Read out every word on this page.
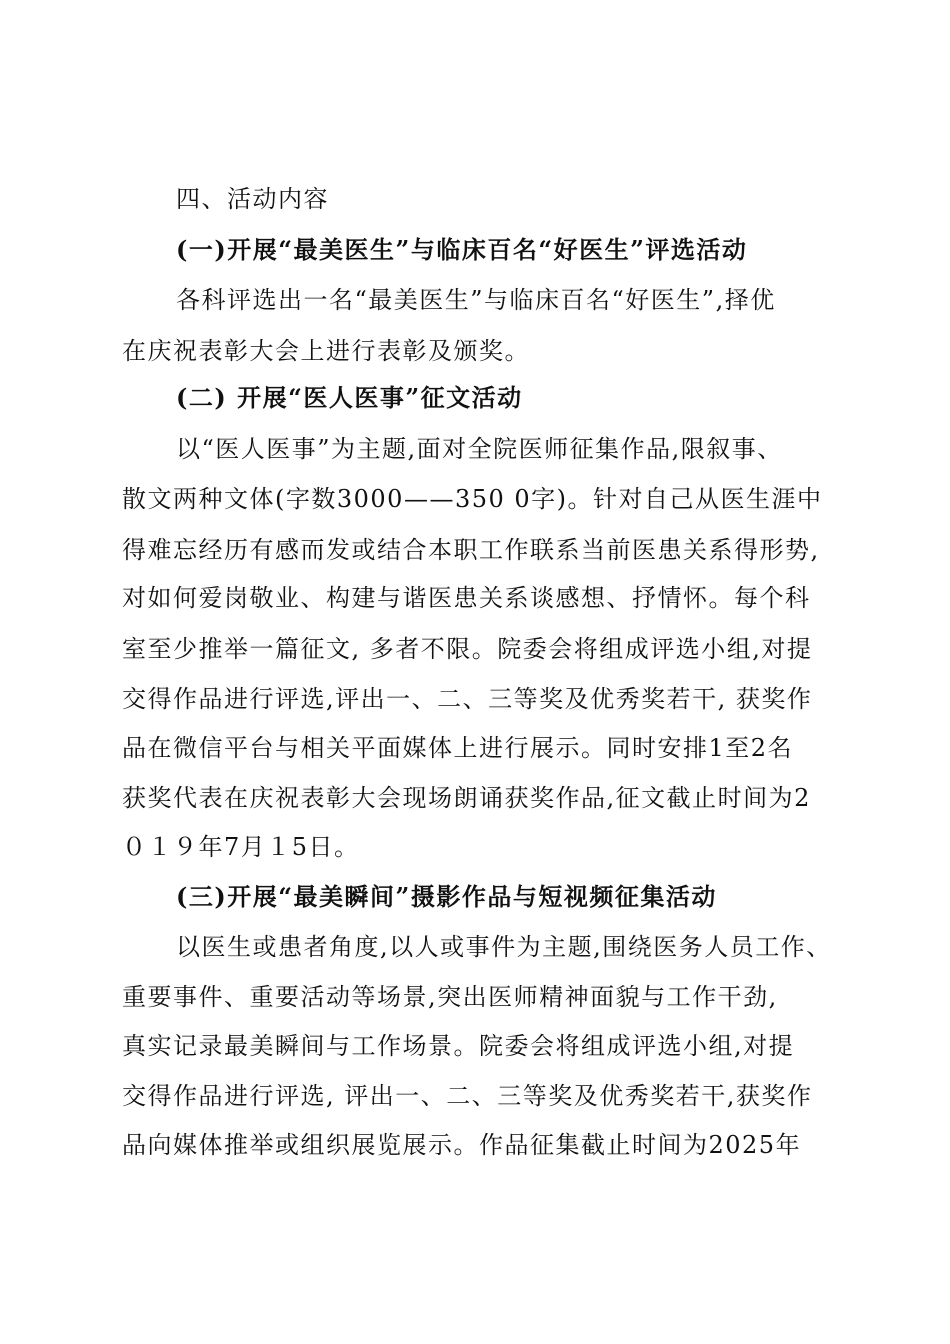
四、活动内容
(一)开展“最美医生”与临床百名“好医生”评选活动
各科评选出一名“最美医生”与临床百名“好医生”,择优
在庆祝表彰大会上进行表彰及颁奖。
(二) 开展“医人医事”征文活动
以“医人医事”为主题,面对全院医师征集作品,限叙事、
散文两种文体(字数3000——350 0字)。针对自己从医生涯中
得难忘经历有感而发或结合本职工作联系当前医患关系得形势,
对如何爱岗敬业、构建与谐医患关系谈感想、抒情怀。每个科
室至少推举一篇征文, 多者不限。院委会将组成评选小组,对提
交得作品进行评选,评出一、二、三等奖及优秀奖若干, 获奖作
品在微信平台与相关平面媒体上进行展示。同时安排1至2名
获奖代表在庆祝表彰大会现场朗诵获奖作品,征文截止时间为2
０１９年7月１5日。
(三)开展“最美瞬间”摄影作品与短视频征集活动
以医生或患者角度,以人或事件为主题,围绕医务人员工作、
重要事件、重要活动等场景,突出医师精神面貌与工作干劲,
真实记录最美瞬间与工作场景。院委会将组成评选小组,对提
交得作品进行评选, 评出一、二、三等奖及优秀奖若干,获奖作
品向媒体推举或组织展览展示。作品征集截止时间为2025年
